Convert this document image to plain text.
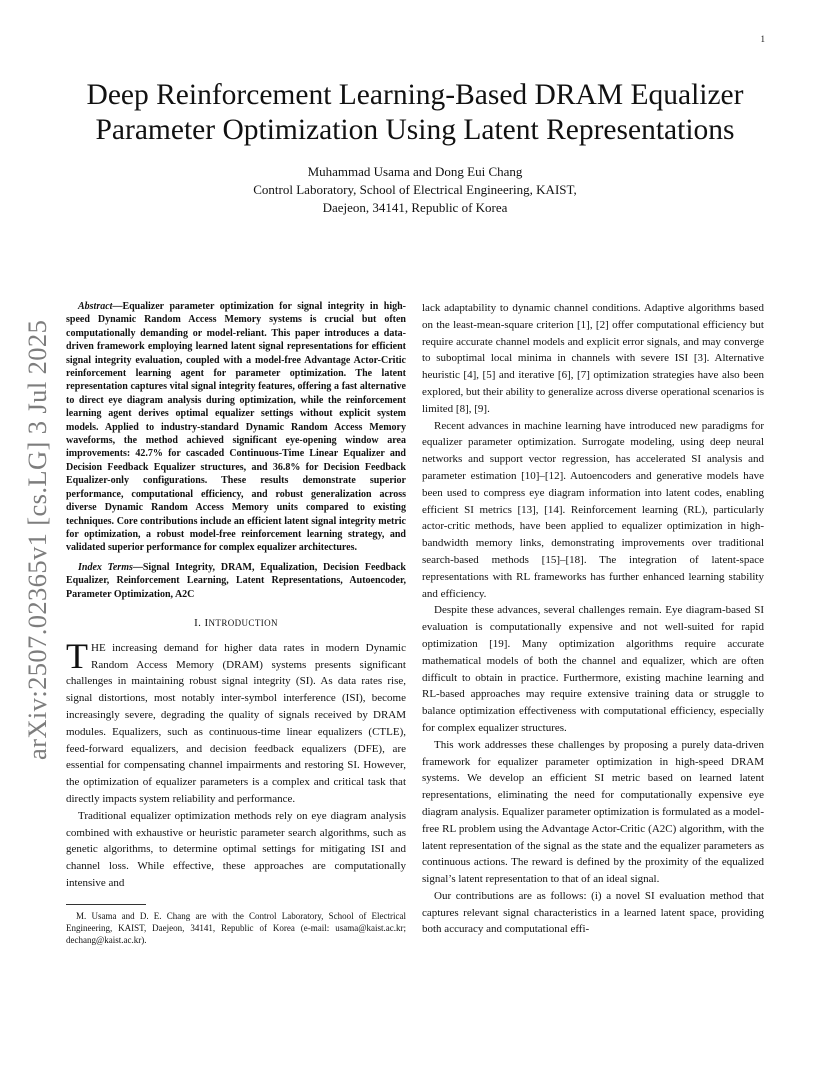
1
arXiv:2507.02365v1 [cs.LG] 3 Jul 2025
Deep Reinforcement Learning-Based DRAM Equalizer Parameter Optimization Using Latent Representations
Muhammad Usama and Dong Eui Chang
Control Laboratory, School of Electrical Engineering, KAIST,
Daejeon, 34141, Republic of Korea

Abstract—Equalizer parameter optimization for signal integrity in high-speed Dynamic Random Access Memory systems is crucial but often computationally demanding or model-reliant. This paper introduces a data-driven framework employing learned latent signal representations for efficient signal integrity evaluation, coupled with a model-free Advantage Actor-Critic reinforcement learning agent for parameter optimization. The latent representation captures vital signal integrity features, offering a fast alternative to direct eye diagram analysis during optimization, while the reinforcement learning agent derives optimal equalizer settings without explicit system models. Applied to industry-standard Dynamic Random Access Memory waveforms, the method achieved significant eye-opening window area improvements: 42.7% for cascaded Continuous-Time Linear Equalizer and Decision Feedback Equalizer structures, and 36.8% for Decision Feedback Equalizer-only configurations. These results demonstrate superior performance, computational efficiency, and robust generalization across diverse Dynamic Random Access Memory units compared to existing techniques. Core contributions include an efficient latent signal integrity metric for optimization, a robust model-free reinforcement learning strategy, and validated superior performance for complex equalizer architectures.

Index Terms—Signal Integrity, DRAM, Equalization, Decision Feedback Equalizer, Reinforcement Learning, Latent Representations, Autoencoder, Parameter Optimization, A2C

I. INTRODUCTION

THE increasing demand for higher data rates in modern Dynamic Random Access Memory (DRAM) systems presents significant challenges in maintaining robust signal integrity (SI). As data rates rise, signal distortions, most notably inter-symbol interference (ISI), become increasingly severe, degrading the quality of signals received by DRAM modules. Equalizers, such as continuous-time linear equalizers (CTLE), feed-forward equalizers, and decision feedback equalizers (DFE), are essential for compensating channel impairments and restoring SI. However, the optimization of equalizer parameters is a complex and critical task that directly impacts system reliability and performance.

Traditional equalizer optimization methods rely on eye diagram analysis combined with exhaustive or heuristic parameter search algorithms, such as genetic algorithms, to determine optimal settings for mitigating ISI and channel loss. While effective, these approaches are computationally intensive and

M. Usama and D. E. Chang are with the Control Laboratory, School of Electrical Engineering, KAIST, Daejeon, 34141, Republic of Korea (e-mail: usama@kaist.ac.kr; dechang@kaist.ac.kr).

lack adaptability to dynamic channel conditions. Adaptive algorithms based on the least-mean-square criterion [1], [2] offer computational efficiency but require accurate channel models and explicit error signals, and may converge to suboptimal local minima in channels with severe ISI [3]. Alternative heuristic [4], [5] and iterative [6], [7] optimization strategies have also been explored, but their ability to generalize across diverse operational scenarios is limited [8], [9].

Recent advances in machine learning have introduced new paradigms for equalizer parameter optimization. Surrogate modeling, using deep neural networks and support vector regression, has accelerated SI analysis and parameter estimation [10]–[12]. Autoencoders and generative models have been used to compress eye diagram information into latent codes, enabling efficient SI metrics [13], [14]. Reinforcement learning (RL), particularly actor-critic methods, have been applied to equalizer optimization in high-bandwidth memory links, demonstrating improvements over traditional search-based methods [15]–[18]. The integration of latent-space representations with RL frameworks has further enhanced learning stability and efficiency.

Despite these advances, several challenges remain. Eye diagram-based SI evaluation is computationally expensive and not well-suited for rapid optimization [19]. Many optimization algorithms require accurate mathematical models of both the channel and equalizer, which are often difficult to obtain in practice. Furthermore, existing machine learning and RL-based approaches may require extensive training data or struggle to balance optimization effectiveness with computational efficiency, especially for complex equalizer structures.

This work addresses these challenges by proposing a purely data-driven framework for equalizer parameter optimization in high-speed DRAM systems. We develop an efficient SI metric based on learned latent representations, eliminating the need for computationally expensive eye diagram analysis. Equalizer parameter optimization is formulated as a model-free RL problem using the Advantage Actor-Critic (A2C) algorithm, with the latent representation of the signal as the state and the equalizer parameters as continuous actions. The reward is defined by the proximity of the equalized signal’s latent representation to that of an ideal signal.

Our contributions are as follows: (i) a novel SI evaluation method that captures relevant signal characteristics in a learned latent space, providing both accuracy and computational effi-
